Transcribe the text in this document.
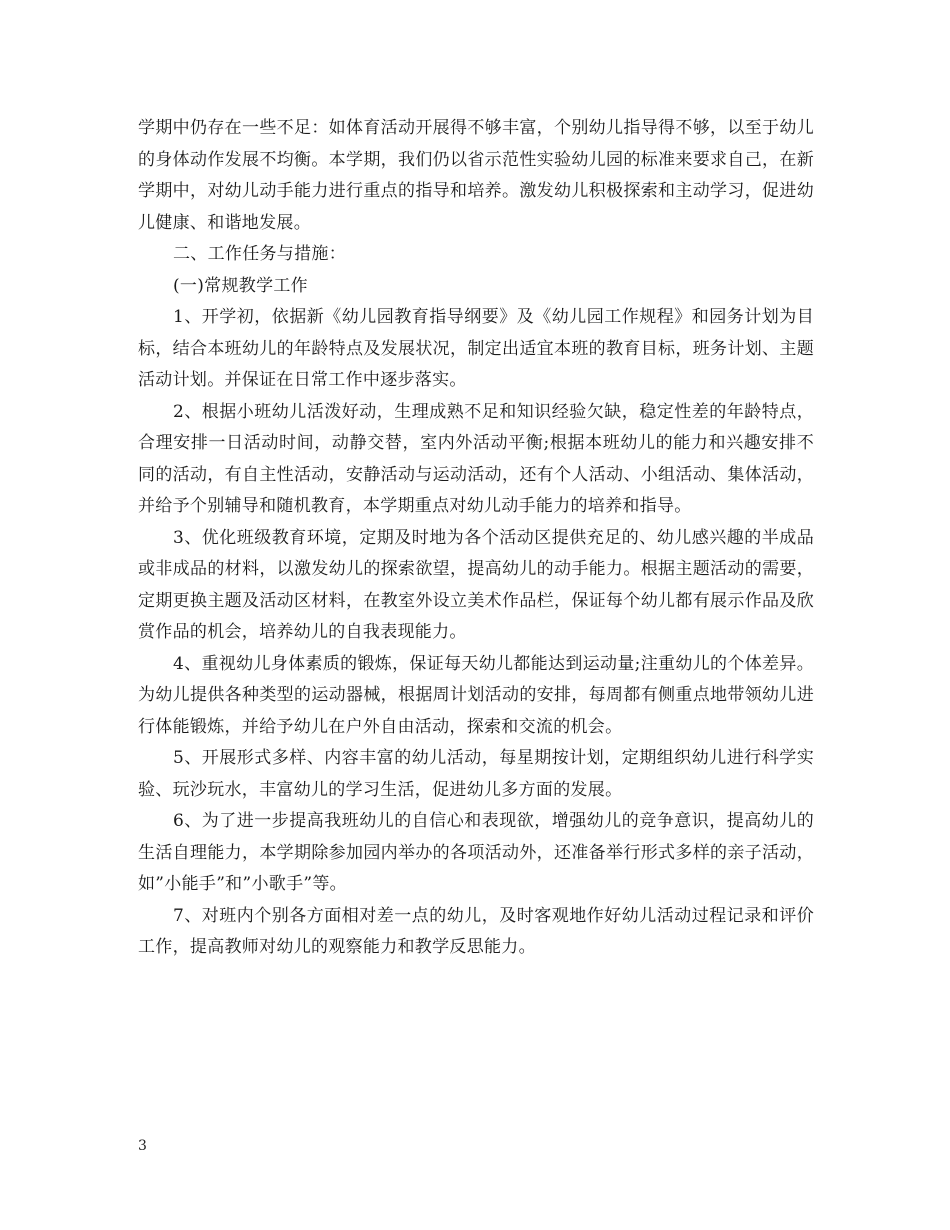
学期中仍存在一些不足：如体育活动开展得不够丰富，个别幼儿指导得不够，以至于幼儿的身体动作发展不均衡。本学期，我们仍以省示范性实验幼儿园的标准来要求自己，在新学期中，对幼儿动手能力进行重点的指导和培养。激发幼儿积极探索和主动学习，促进幼儿健康、和谐地发展。

二、工作任务与措施：

(一)常规教学工作

1、开学初，依据新《幼儿园教育指导纲要》及《幼儿园工作规程》和园务计划为目标，结合本班幼儿的年龄特点及发展状况，制定出适宜本班的教育目标，班务计划、主题活动计划。并保证在日常工作中逐步落实。

2、根据小班幼儿活泼好动，生理成熟不足和知识经验欠缺，稳定性差的年龄特点，合理安排一日活动时间，动静交替，室内外活动平衡;根据本班幼儿的能力和兴趣安排不同的活动，有自主性活动，安静活动与运动活动，还有个人活动、小组活动、集体活动，并给予个别辅导和随机教育，本学期重点对幼儿动手能力的培养和指导。

3、优化班级教育环境，定期及时地为各个活动区提供充足的、幼儿感兴趣的半成品或非成品的材料，以激发幼儿的探索欲望，提高幼儿的动手能力。根据主题活动的需要，定期更换主题及活动区材料，在教室外设立美术作品栏，保证每个幼儿都有展示作品及欣赏作品的机会，培养幼儿的自我表现能力。

4、重视幼儿身体素质的锻炼，保证每天幼儿都能达到运动量;注重幼儿的个体差异。为幼儿提供各种类型的运动器械，根据周计划活动的安排，每周都有侧重点地带领幼儿进行体能锻炼，并给予幼儿在户外自由活动，探索和交流的机会。

5、开展形式多样、内容丰富的幼儿活动，每星期按计划，定期组织幼儿进行科学实验、玩沙玩水，丰富幼儿的学习生活，促进幼儿多方面的发展。

6、为了进一步提高我班幼儿的自信心和表现欲，增强幼儿的竞争意识，提高幼儿的生活自理能力，本学期除参加园内举办的各项活动外，还准备举行形式多样的亲子活动，如”小能手”和”小歌手”等。

7、对班内个别各方面相对差一点的幼儿，及时客观地作好幼儿活动过程记录和评价工作，提高教师对幼儿的观察能力和教学反思能力。

3
